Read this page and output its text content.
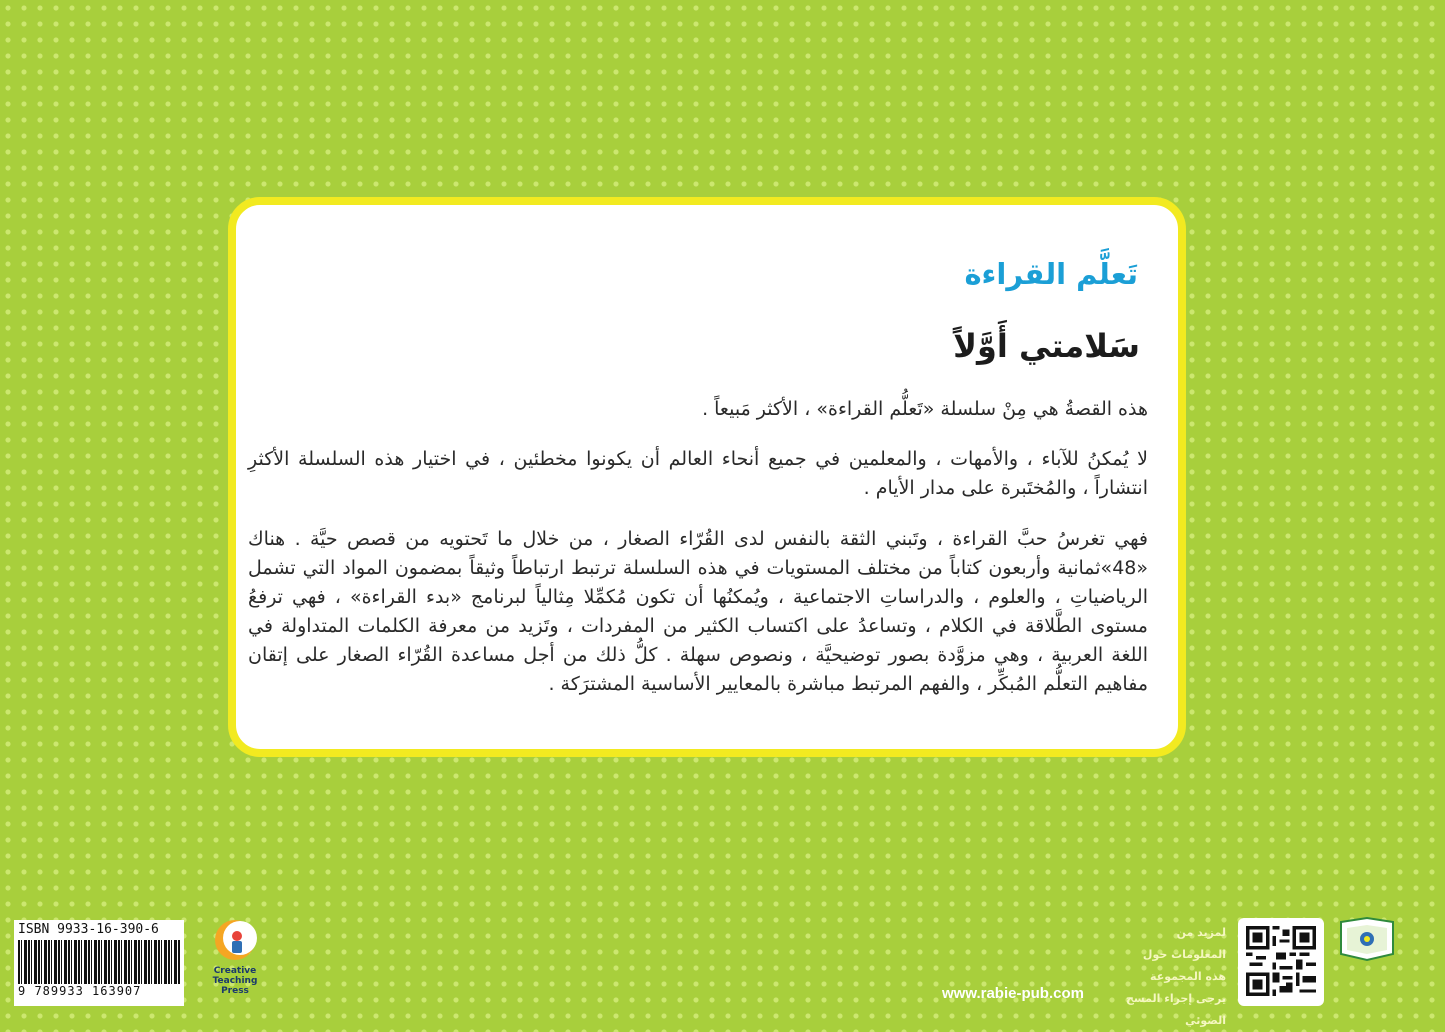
تَعلَّم القراءة
سَلامتي أَوَّلاً

هذه القصةُ هي مِنْ سلسلة «تَعلُّم القراءة» ، الأكثر مَبيعاً .

لا يُمكنُ للآباء ، والأمهات ، والمعلمين في جميع أنحاء العالم أن يكونوا مخطئين ، في اختيار هذه السلسلة الأكثرِ انتشاراً ، والمُختَبرة على مدار الأيام .

فهي تغرسُ حبَّ القراءة ، وتَبني الثقة بالنفس لدى القُرّاء الصغار ، من خلال ما تَحتويه من قصص حيَّة . هناك «48»ثمانية وأربعون كتاباً من مختلف المستويات في هذه السلسلة ترتبط ارتباطاً وثيقاً بمضمون المواد التي تشمل الرياضياتِ ، والعلوم ، والدراساتِ الاجتماعية ، ويُمكنُها أن تكون مُكمِّلا مِثالياً لبرنامج «بدء القراءة» ، فهي ترفعُ مستوى الطَّلاقة في الكلام ، وتساعدُ على اكتساب الكثير من المفردات ، وتَزيد من معرفة الكلمات المتداولة في اللغة العربية ، وهي مزوَّدة بصور توضيحيَّة ، ونصوص سهلة . كلُّ ذلك من أجل مساعدة القُرّاء الصغار على إتقان مفاهيم التعلُّم المُبكِّر ، والفهم المرتبط مباشرة بالمعايير الأساسية المشترَكة .

ISBN 9933-16-390-6
9 789933 163907
Creative
Teaching
Press	www.rabie-pub.com

لمزيد من المعلومات حول هذه المجموعة يرجى إجراء المسح الضوئي
